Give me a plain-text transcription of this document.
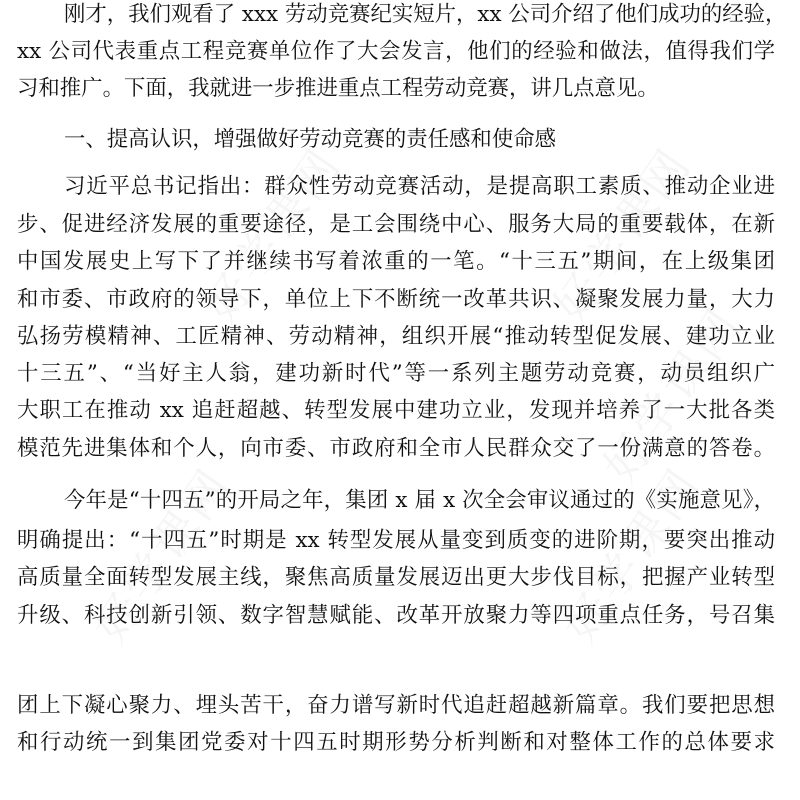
好学课网	好学课网
好学课网
好学课网	好学课网
刚才，我们观看了 xxx 劳动竞赛纪实短片，xx 公司介绍了他们成功的经验，
xx 公司代表重点工程竞赛单位作了大会发言，他们的经验和做法，值得我们学
习和推广。下面，我就进一步推进重点工程劳动竞赛，讲几点意见。
一、提高认识，增强做好劳动竞赛的责任感和使命感
习近平总书记指出：群众性劳动竞赛活动，是提高职工素质、推动企业进
步、促进经济发展的重要途径，是工会围绕中心、服务大局的重要载体，在新
中国发展史上写下了并继续书写着浓重的一笔。“十三五”期间，在上级集团
和市委、市政府的领导下，单位上下不断统一改革共识、凝聚发展力量，大力
弘扬劳模精神、工匠精神、劳动精神，组织开展“推动转型促发展、建功立业
十三五”、“当好主人翁，建功新时代”等一系列主题劳动竞赛，动员组织广
大职工在推动 xx 追赶超越、转型发展中建功立业，发现并培养了一大批各类
模范先进集体和个人，向市委、市政府和全市人民群众交了一份满意的答卷。
今年是“十四五”的开局之年，集团 x 届 x 次全会审议通过的《实施意见》，
明确提出：“十四五”时期是 xx 转型发展从量变到质变的进阶期，要突出推动
高质量全面转型发展主线，聚焦高质量发展迈出更大步伐目标，把握产业转型
升级、科技创新引领、数字智慧赋能、改革开放聚力等四项重点任务，号召集
团上下凝心聚力、埋头苦干，奋力谱写新时代追赶超越新篇章。我们要把思想
和行动统一到集团党委对十四五时期形势分析判断和对整体工作的总体要求
